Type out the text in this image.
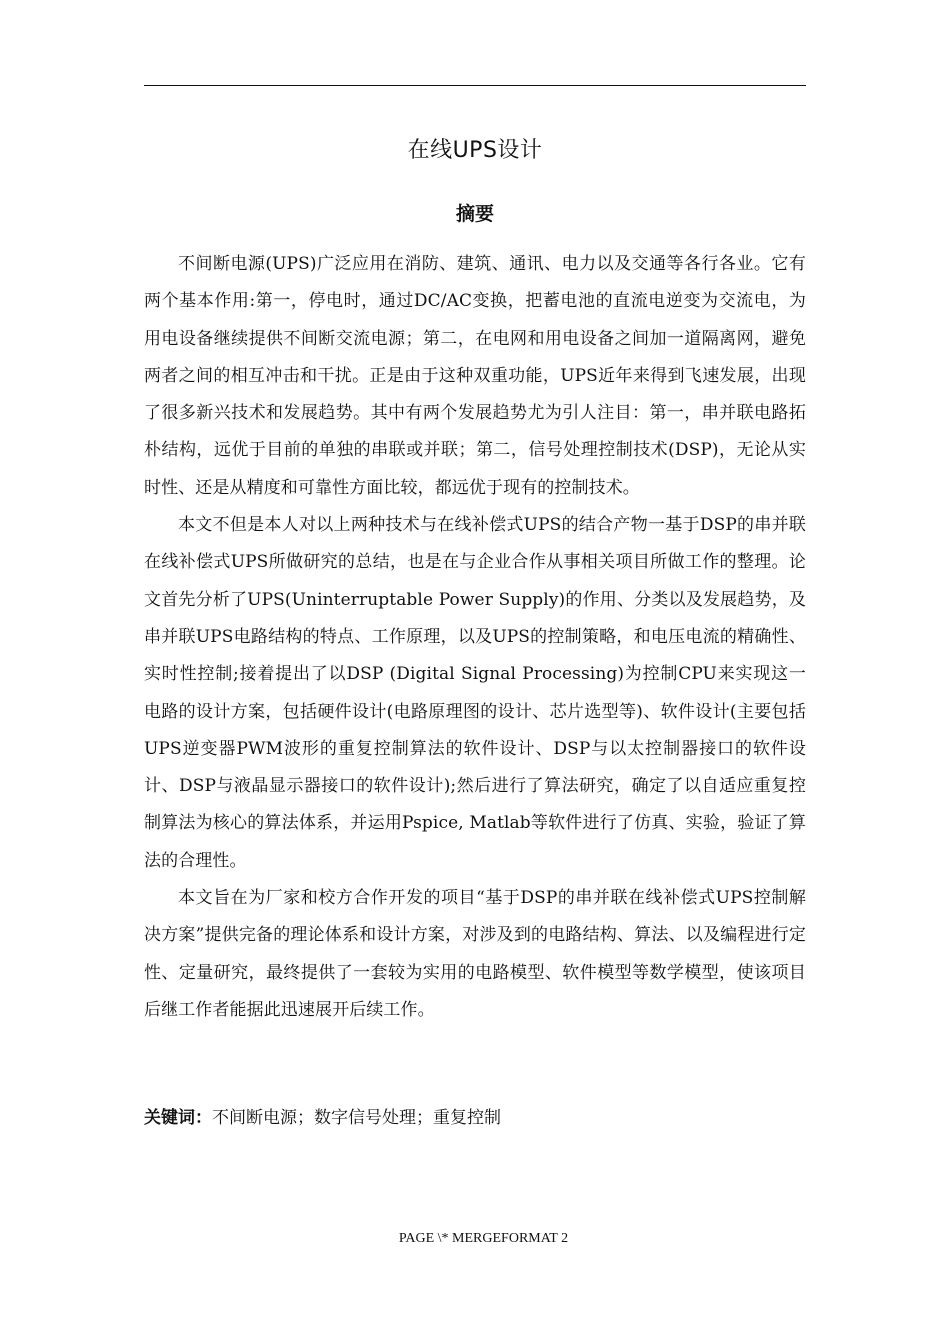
在线UPS设计
摘要

不间断电源(UPS)广泛应用在消防、建筑、通讯、电力以及交通等各行各业。它有两个基本作用:第一，停电时，通过DC/AC变换，把蓄电池的直流电逆变为交流电，为用电设备继续提供不间断交流电源；第二，在电网和用电设备之间加一道隔离网，避免两者之间的相互冲击和干扰。正是由于这种双重功能，UPS近年来得到飞速发展，出现了很多新兴技术和发展趋势。其中有两个发展趋势尤为引人注目：第一，串并联电路拓朴结构，远优于目前的单独的串联或并联；第二，信号处理控制技术(DSP)，无论从实时性、还是从精度和可靠性方面比较，都远优于现有的控制技术。

本文不但是本人对以上两种技术与在线补偿式UPS的结合产物一基于DSP的串并联在线补偿式UPS所做研究的总结，也是在与企业合作从事相关项目所做工作的整理。论文首先分析了UPS(Uninterruptable Power Supply)的作用、分类以及发展趋势，及串并联UPS电路结构的特点、工作原理，以及UPS的控制策略，和电压电流的精确性、实时性控制;接着提出了以DSP (Digital Signal Processing)为控制CPU来实现这一电路的设计方案，包括硬件设计(电路原理图的设计、芯片选型等)、软件设计(主要包括UPS逆变器PWM波形的重复控制算法的软件设计、DSP与以太控制器接口的软件设计、DSP与液晶显示器接口的软件设计);然后进行了算法研究，确定了以自适应重复控制算法为核心的算法体系，并运用Pspice, Matlab等软件进行了仿真、实验，验证了算法的合理性。

本文旨在为厂家和校方合作开发的项目“基于DSP的串并联在线补偿式UPS控制解决方案”提供完备的理论体系和设计方案，对涉及到的电路结构、算法、以及编程进行定性、定量研究，最终提供了一套较为实用的电路模型、软件模型等数学模型，使该项目后继工作者能据此迅速展开后续工作。

关键词：不间断电源；数字信号处理；重复控制
PAGE \* MERGEFORMAT 2
